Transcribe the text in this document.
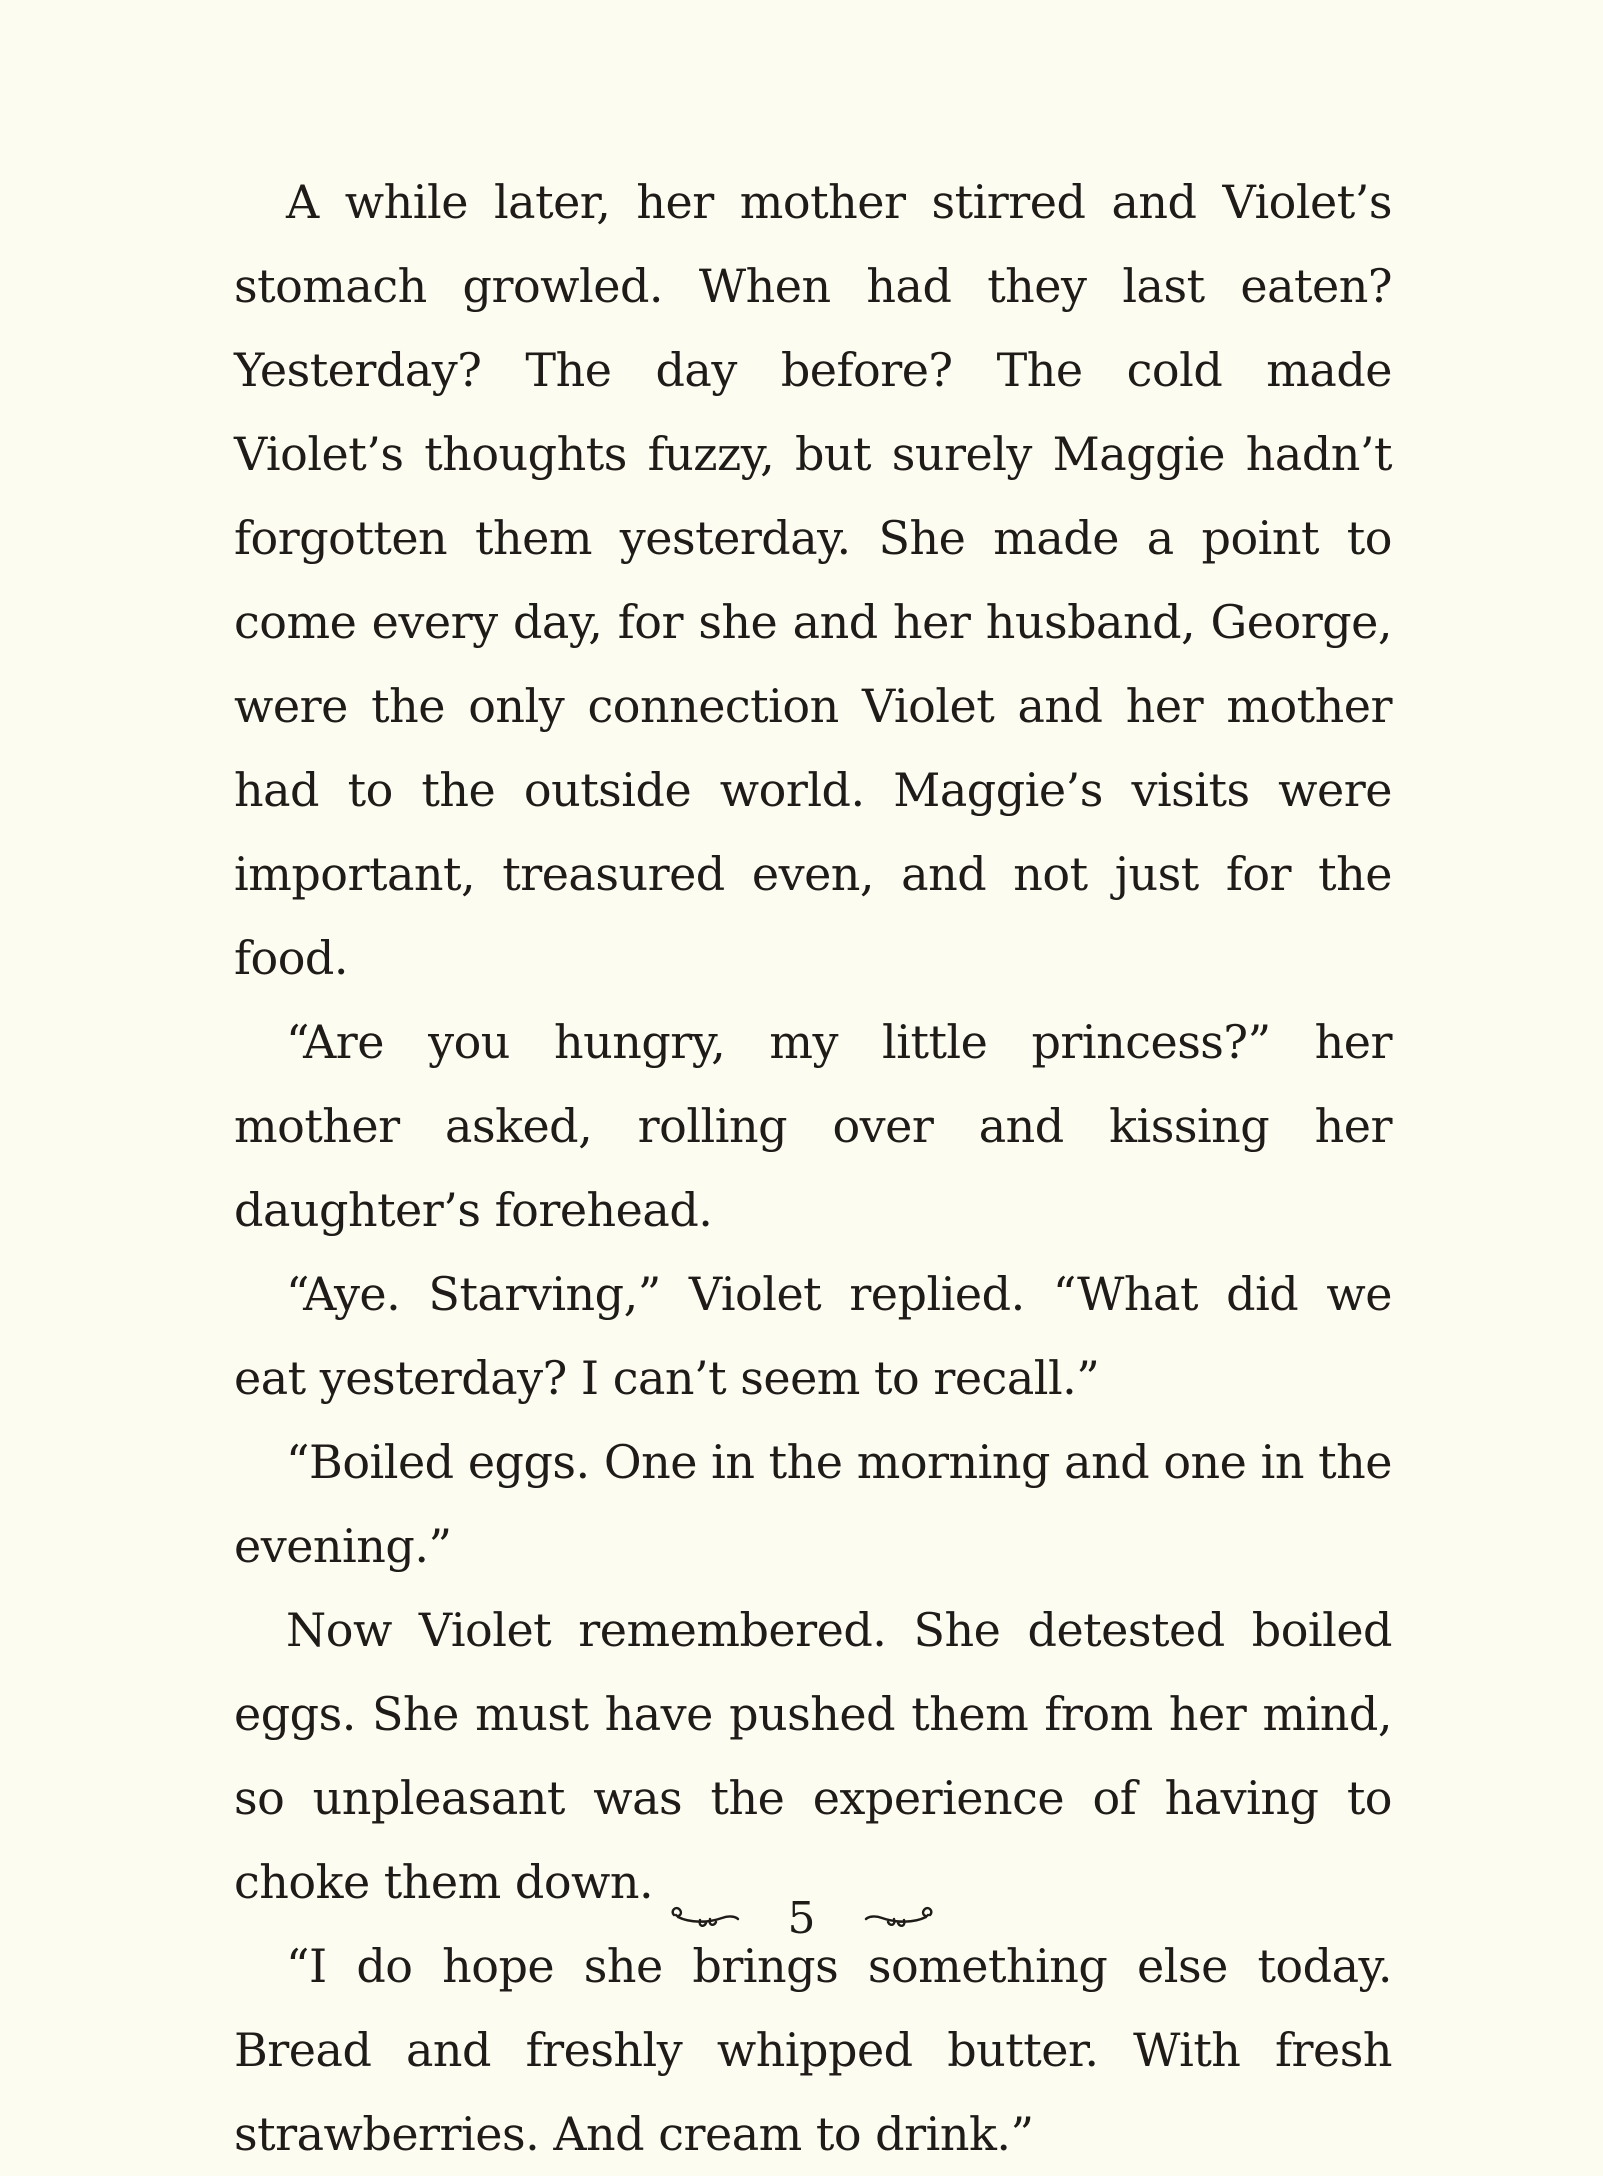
A while later, her mother stirred and Violet’s stomach growled. When had they last eaten? Yesterday? The day before? The cold made Violet’s thoughts fuzzy, but surely Maggie hadn’t forgotten them yesterday. She made a point to come every day, for she and her husband, George, were the only connection Violet and her mother had to the outside world. Maggie’s visits were important, treasured even, and not just for the food.

“Are you hungry, my little princess?” her mother asked, rolling over and kissing her daughter’s forehead.

“Aye. Starving,” Violet replied. “What did we eat yesterday? I can’t seem to recall.”

“Boiled eggs. One in the morning and one in the evening.”

Now Violet remembered. She detested boiled eggs. She must have pushed them from her mind, so unpleasant was the experience of having to choke them down.

“I do hope she brings something else today. Bread and freshly whipped butter. With fresh strawberries. And cream to drink.”

5
